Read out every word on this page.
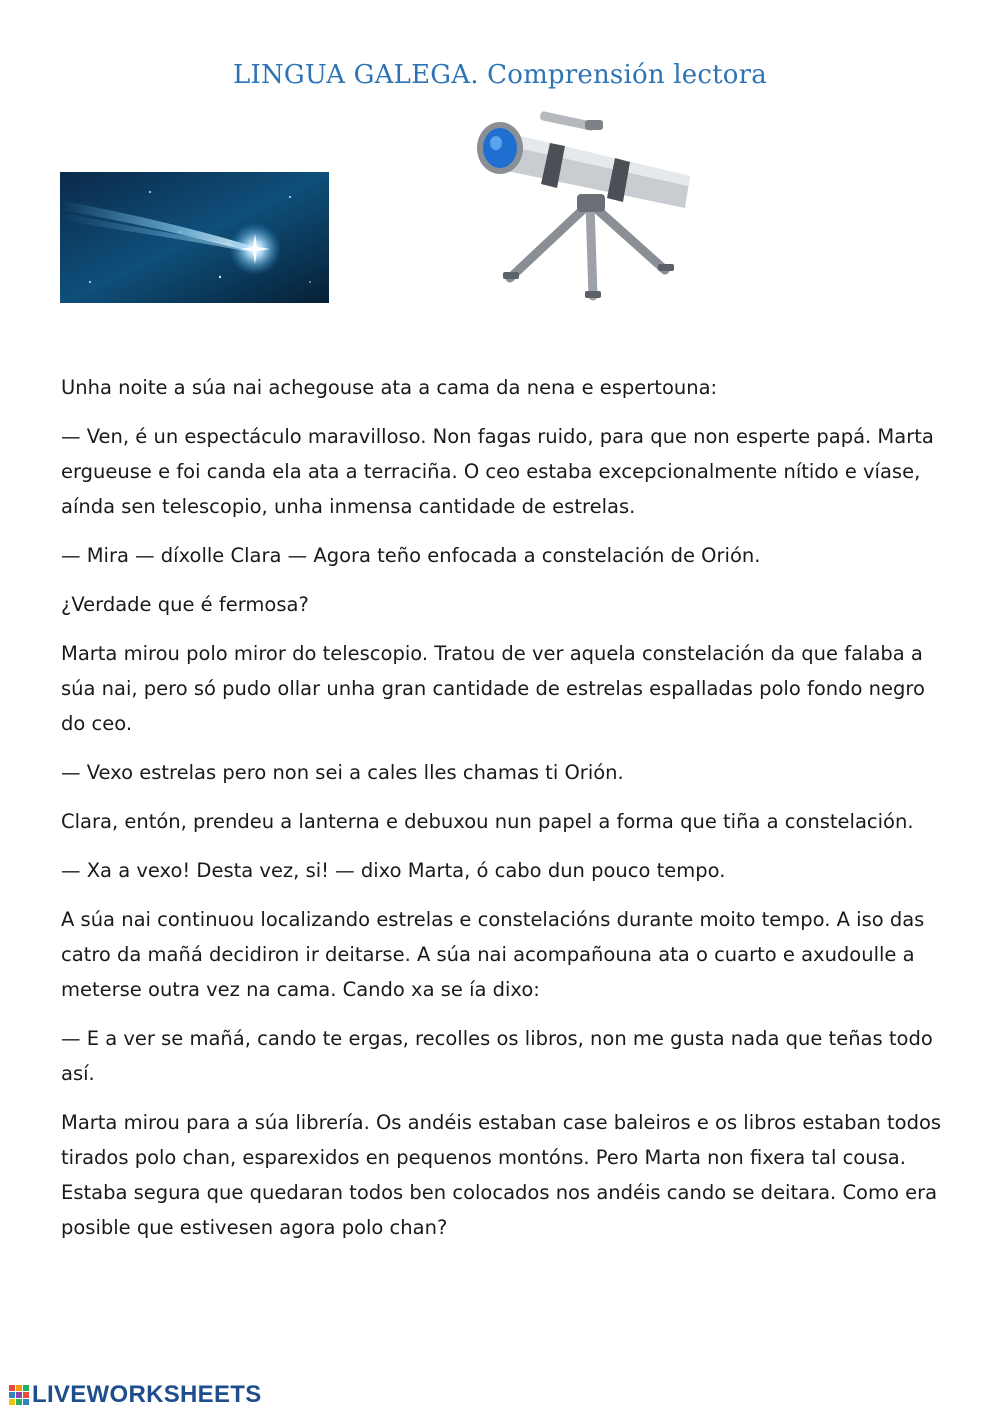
LINGUA GALEGA. Comprensión lectora

Unha noite a súa nai achegouse ata a cama da nena e espertouna:

— Ven, é un espectáculo maravilloso. Non fagas ruido, para que non esperte papá. Marta ergueuse e foi canda ela ata a terraciña. O ceo estaba excepcionalmente nítido e víase, aínda sen telescopio, unha inmensa cantidade de estrelas.

— Mira — díxolle Clara — Agora teño enfocada a constelación de Orión.

¿Verdade que é fermosa?

Marta mirou polo miror do telescopio. Tratou de ver aquela constelación da que falaba a súa nai, pero só pudo ollar unha gran cantidade de estrelas espalladas polo fondo negro do ceo.

— Vexo estrelas pero non sei a cales lles chamas ti Orión.

Clara, entón, prendeu a lanterna e debuxou nun papel a forma que tiña a constelación.

— Xa a vexo! Desta vez, si! — dixo Marta, ó cabo dun pouco tempo.

A súa nai continuou localizando estrelas e constelacións durante moito tempo. A iso das catro da mañá decidiron ir deitarse. A súa nai acompañouna ata o cuarto e axudoulle a meterse outra vez na cama. Cando xa se ía dixo:

— E a ver se mañá, cando te ergas, recolles os libros, non me gusta nada que teñas todo así.

Marta mirou para a súa librería. Os andéis estaban case baleiros e os libros estaban todos tirados polo chan, esparexidos en pequenos montóns. Pero Marta non fixera tal cousa. Estaba segura que quedaran todos ben colocados nos andéis cando se deitara. Como era posible que estivesen agora polo chan?

LIVEWORKSHEETS
